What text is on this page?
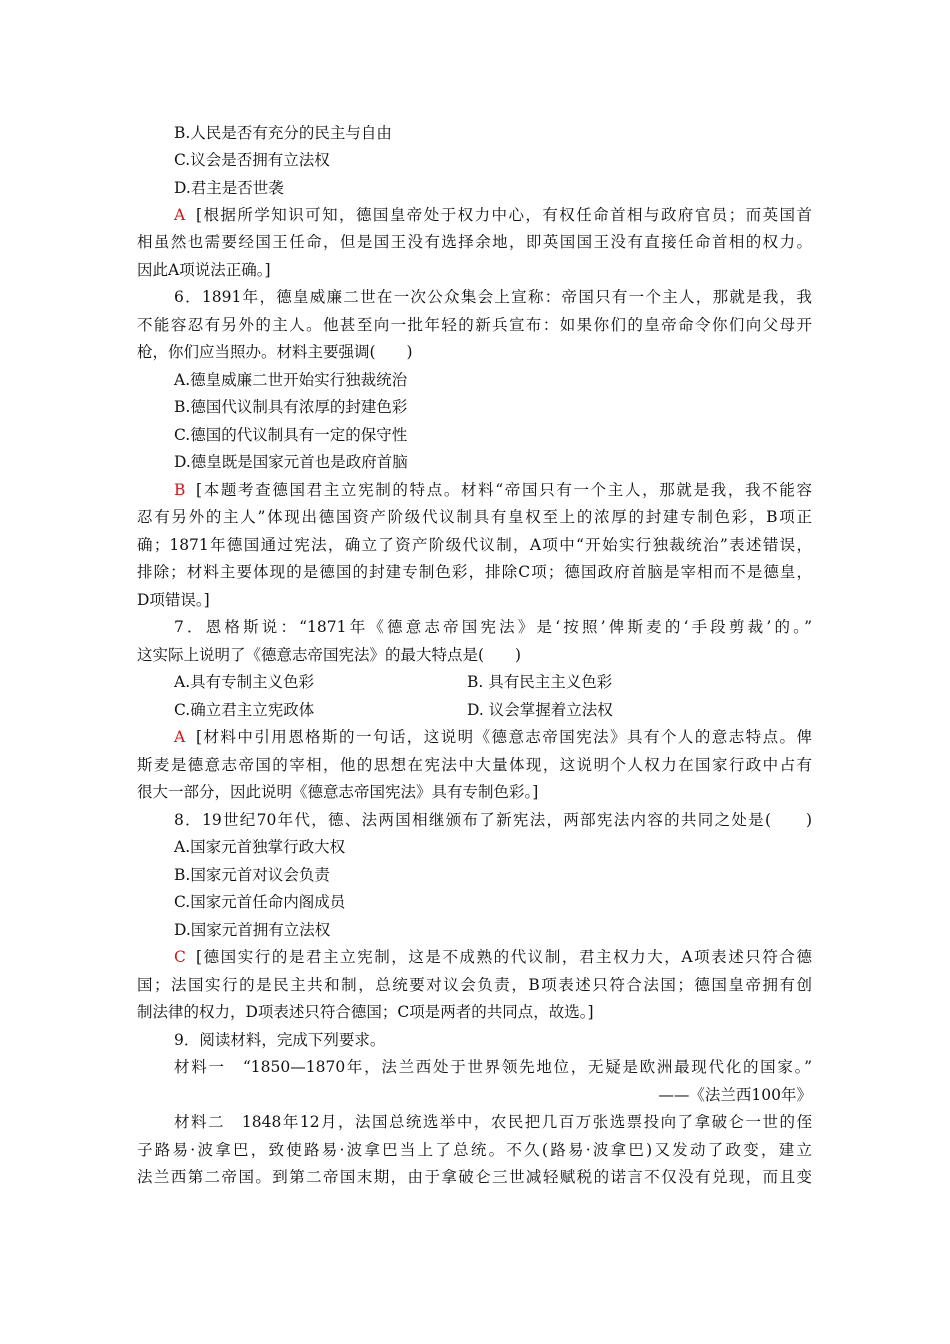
B.人民是否有充分的民主与自由
C.议会是否拥有立法权
D.君主是否世袭
A [根据所学知识可知，德国皇帝处于权力中心，有权任命首相与政府官员；而英国首
相虽然也需要经国王任命，但是国王没有选择余地，即英国国王没有直接任命首相的权力。
因此A项说法正确。]
6．1891年，德皇威廉二世在一次公众集会上宣称：帝国只有一个主人，那就是我，我
不能容忍有另外的主人。他甚至向一批年轻的新兵宣布：如果你们的皇帝命令你们向父母开
枪，你们应当照办。材料主要强调(　　)
A.德皇威廉二世开始实行独裁统治
B.德国代议制具有浓厚的封建色彩
C.德国的代议制具有一定的保守性
D.德皇既是国家元首也是政府首脑
B [本题考查德国君主立宪制的特点。材料“帝国只有一个主人，那就是我，我不能容
忍有另外的主人”体现出德国资产阶级代议制具有皇权至上的浓厚的封建专制色彩，B项正
确；1871年德国通过宪法，确立了资产阶级代议制，A项中“开始实行独裁统治”表述错误，
排除；材料主要体现的是德国的封建专制色彩，排除C项；德国政府首脑是宰相而不是德皇，
D项错误。]
7．恩格斯说：“1871年《德意志帝国宪法》是‘按照’俾斯麦的‘手段剪裁’的。”
这实际上说明了《德意志帝国宪法》的最大特点是(　　)
A.具有专制主义色彩	B. 具有民主主义色彩
C.确立君主立宪政体	D. 议会掌握着立法权
A [材料中引用恩格斯的一句话，这说明《德意志帝国宪法》具有个人的意志特点。俾
斯麦是德意志帝国的宰相，他的思想在宪法中大量体现，这说明个人权力在国家行政中占有
很大一部分，因此说明《德意志帝国宪法》具有专制色彩。]
8．19世纪70年代，德、法两国相继颁布了新宪法，两部宪法内容的共同之处是(　　)
A.国家元首独掌行政大权
B.国家元首对议会负责
C.国家元首任命内阁成员
D.国家元首拥有立法权
C [德国实行的是君主立宪制，这是不成熟的代议制，君主权力大，A项表述只符合德
国；法国实行的是民主共和制，总统要对议会负责，B项表述只符合法国；德国皇帝拥有创
制法律的权力，D项表述只符合德国；C项是两者的共同点，故选。]
9．阅读材料，完成下列要求。
材料一　“1850—1870年，法兰西处于世界领先地位，无疑是欧洲最现代化的国家。”
——《法兰西100年》
材料二　1848年12月，法国总统选举中，农民把几百万张选票投向了拿破仑一世的侄
子路易·波拿巴，致使路易·波拿巴当上了总统。不久(路易·波拿巴)又发动了政变，建立
法兰西第二帝国。到第二帝国末期，由于拿破仑三世减轻赋税的诺言不仅没有兑现，而且变
